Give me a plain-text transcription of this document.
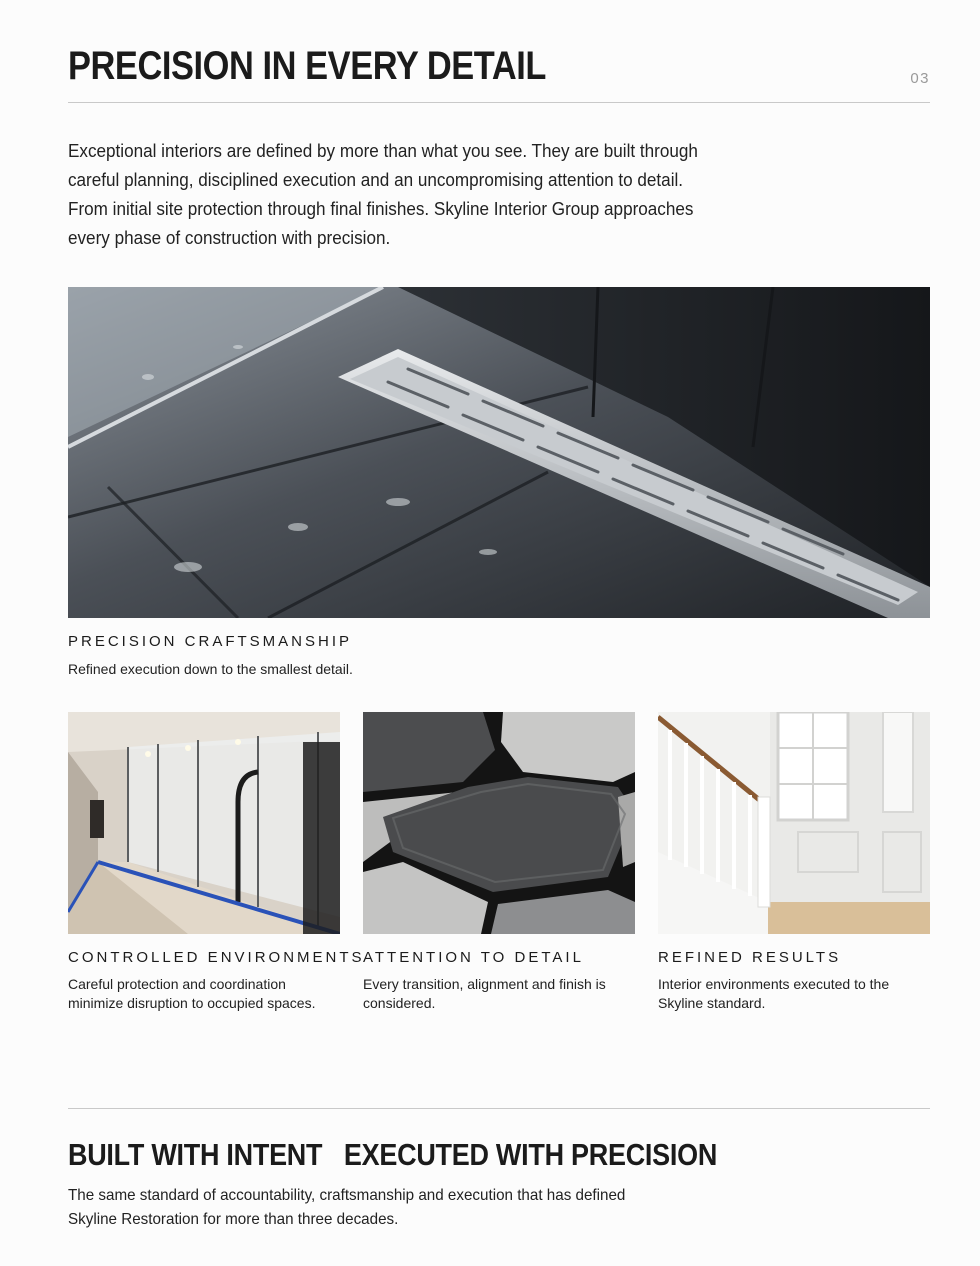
PRECISION IN EVERY DETAIL	03

Exceptional interiors are defined by more than what you see. They are built through careful planning, disciplined execution and an uncompromising attention to detail. From initial site protection through final finishes. Skyline Interior Group approaches every phase of construction with precision.

PRECISION CRAFTSMANSHIP
Refined execution down to the smallest detail.
CONTROLLED ENVIRONMENTS
Careful protection and coordination minimize disruption to occupied spaces.
ATTENTION TO DETAIL
Every transition, alignment and finish is considered.
REFINED RESULTS
Interior environments executed to the Skyline standard.
BUILT WITH INTENT   EXECUTED WITH PRECISION

The same standard of accountability, craftsmanship and execution that has defined Skyline Restoration for more than three decades.
